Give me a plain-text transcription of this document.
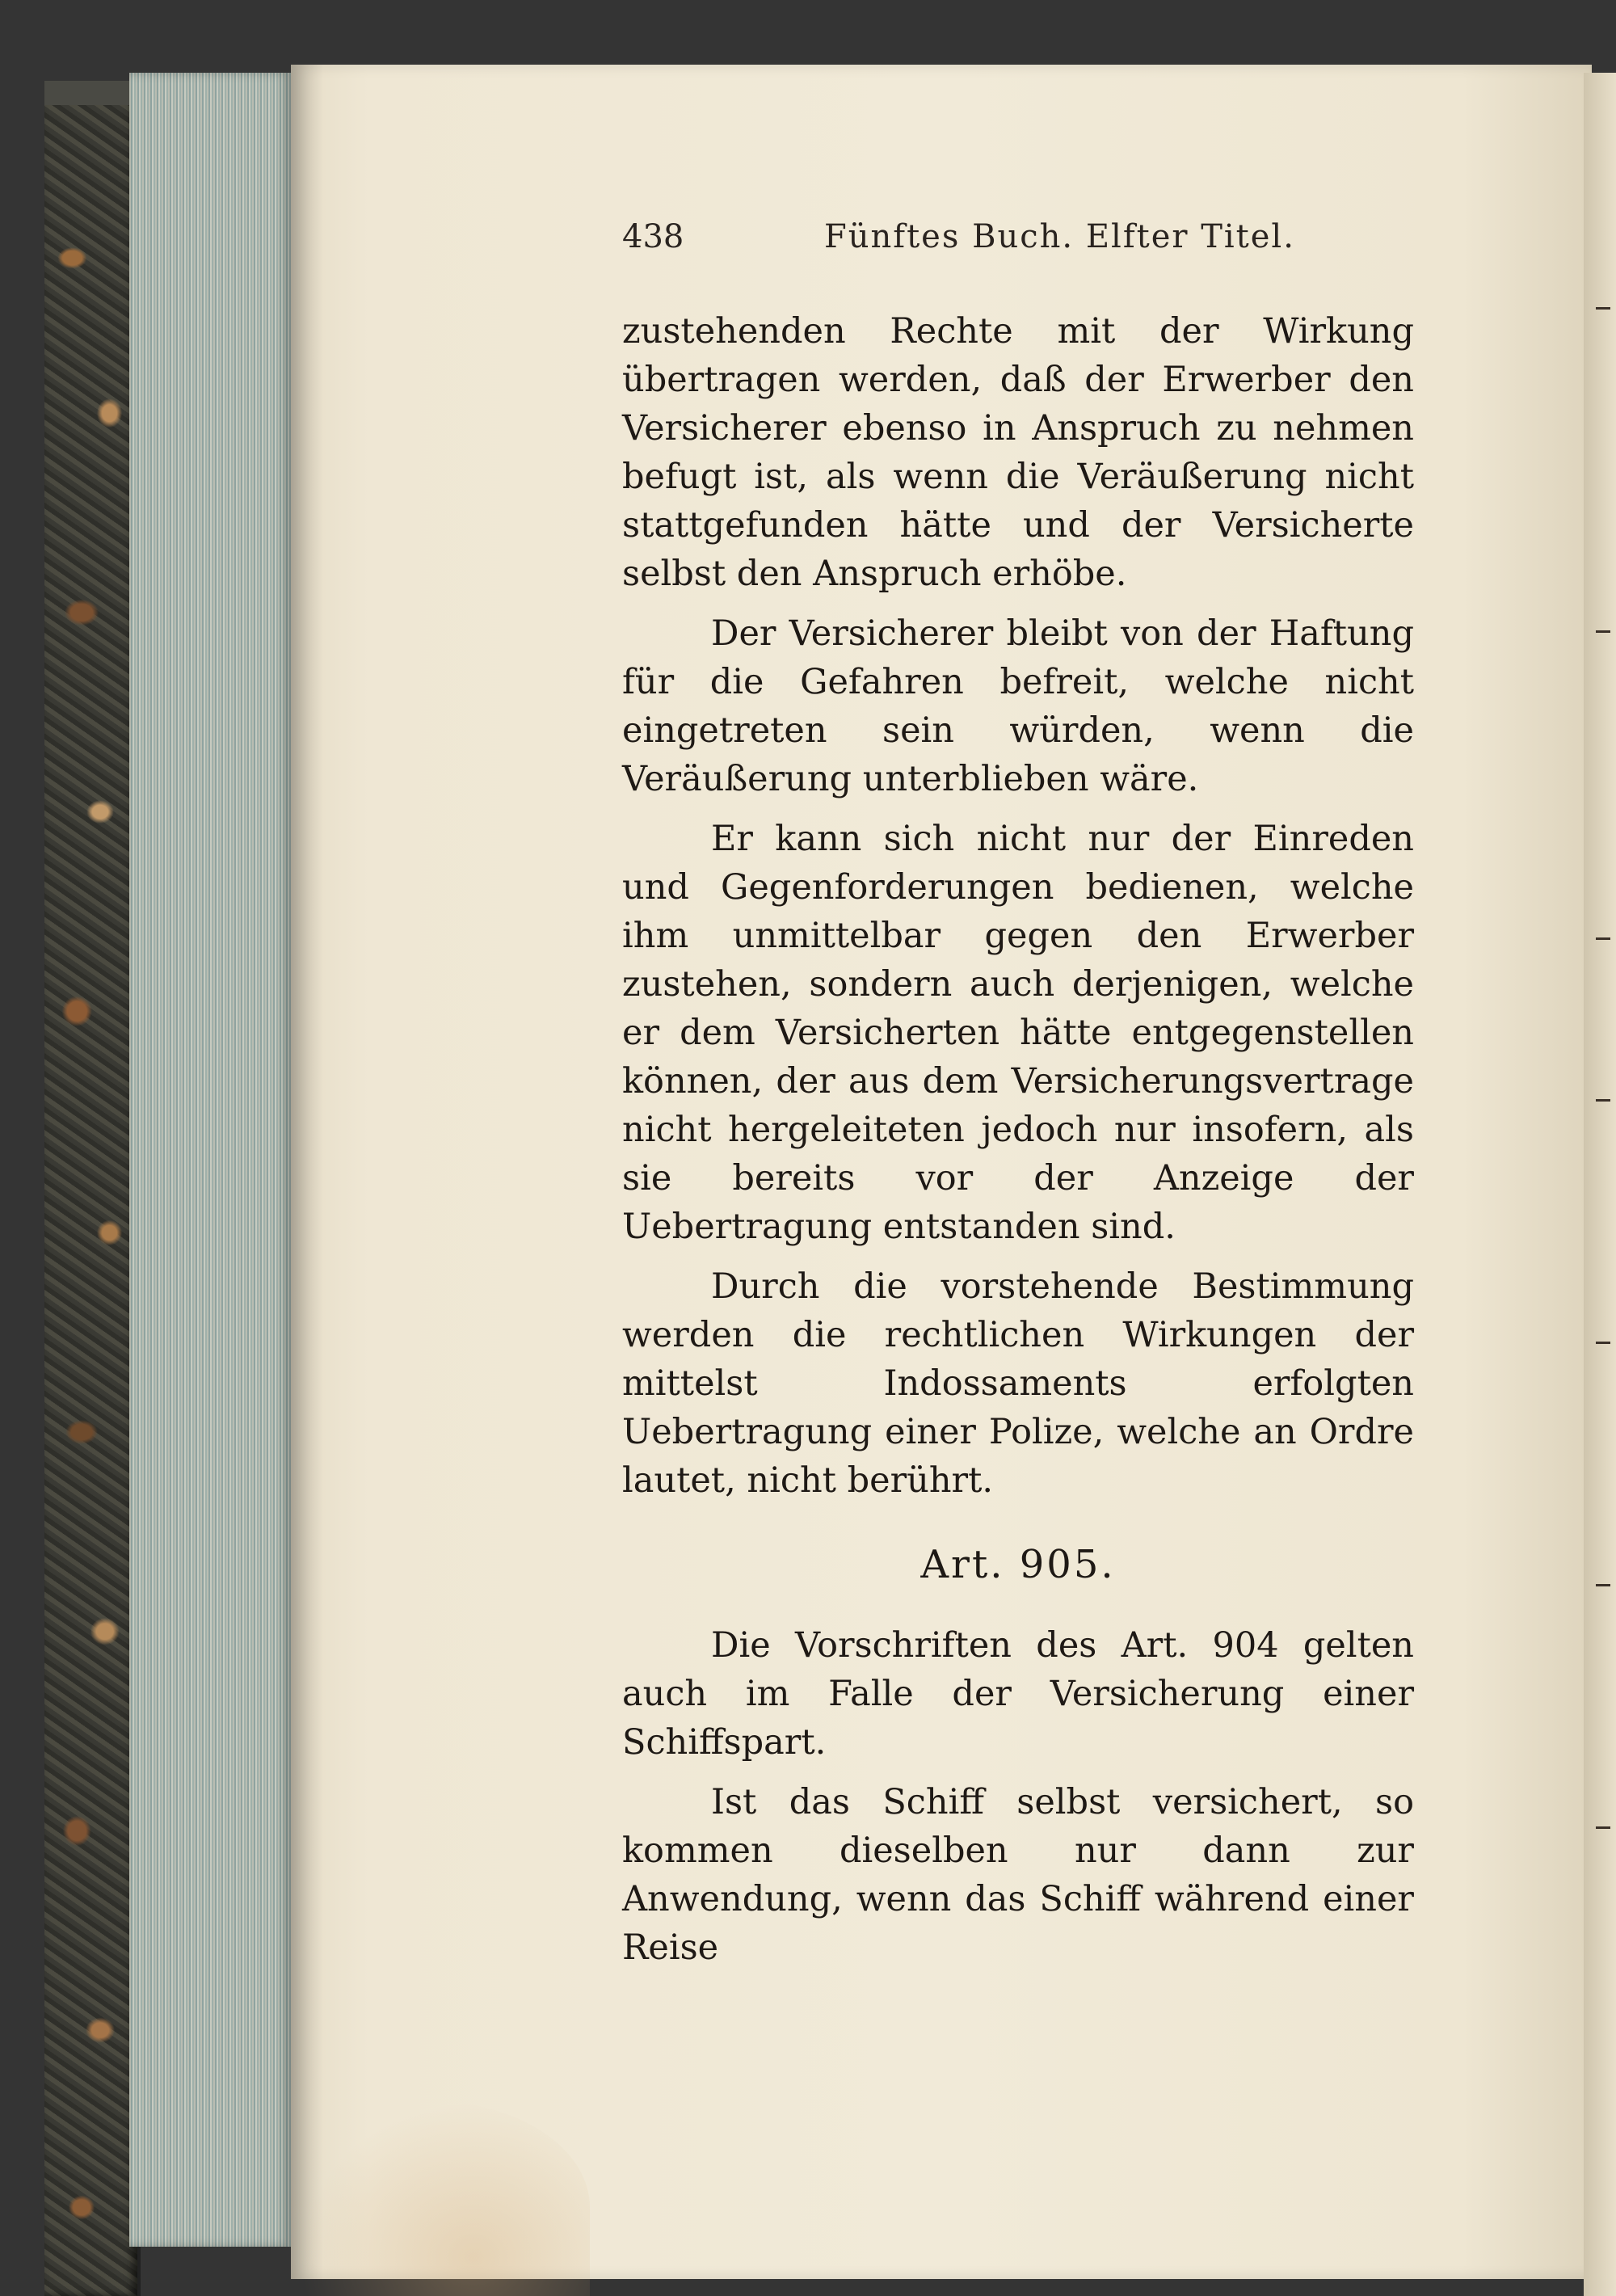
438	Fünftes Buch. Elfter Titel.

zustehenden Rechte mit der Wirkung übertragen werden, daß der Erwerber den Versicherer ebenso in Anspruch zu nehmen befugt ist, als wenn die Veräußerung nicht stattgefunden hätte und der Versicherte selbst den Anspruch erhöbe.

Der Versicherer bleibt von der Haftung für die Gefahren befreit, welche nicht eingetreten sein würden, wenn die Veräußerung unterblieben wäre.

Er kann sich nicht nur der Einreden und Gegenforderungen bedienen, welche ihm unmittelbar gegen den Erwerber zustehen, sondern auch derjenigen, welche er dem Versicherten hätte entgegenstellen können, der aus dem Versicherungsvertrage nicht hergeleiteten jedoch nur insofern, als sie bereits vor der Anzeige der Uebertragung entstanden sind.

Durch die vorstehende Bestimmung werden die rechtlichen Wirkungen der mittelst Indossaments erfolgten Uebertragung einer Polize, welche an Ordre lautet, nicht berührt.

Art. 905.

Die Vorschriften des Art. 904 gelten auch im Falle der Versicherung einer Schiffspart.

Ist das Schiff selbst versichert, so kommen dieselben nur dann zur Anwendung, wenn das Schiff während einer Reise
